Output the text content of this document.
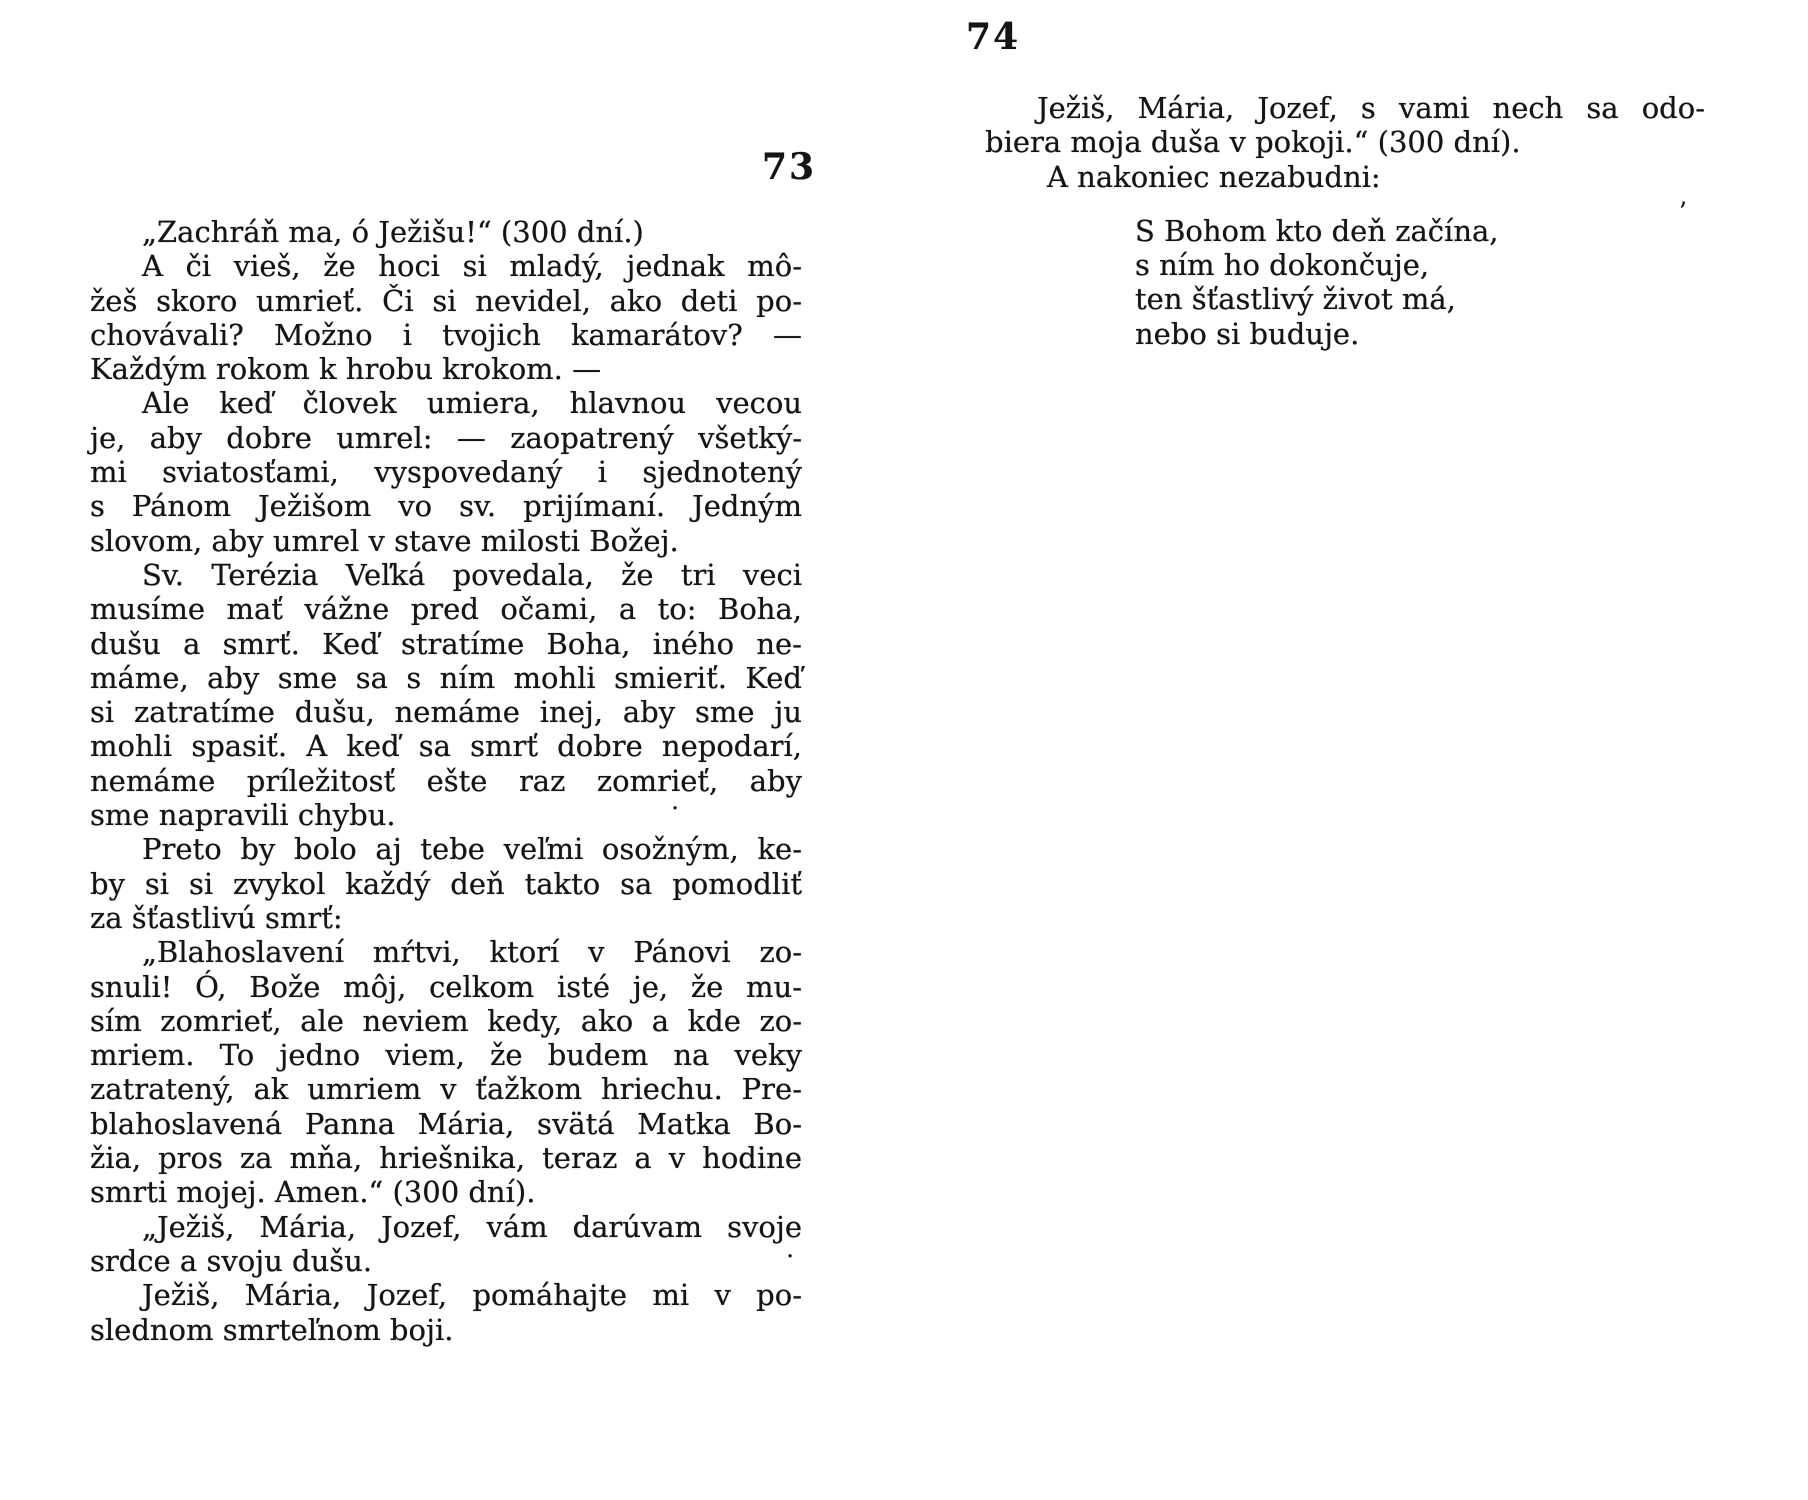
73
„Zachráň ma, ó Ježišu!“ (300 dní.)
A či vieš, že hoci si mladý, jednak mô-
žeš skoro umrieť. Či si nevidel, ako deti po-
chovávali? Možno i tvojich kamarátov? —
Každým rokom k hrobu krokom. —
Ale keď človek umiera, hlavnou vecou
je, aby dobre umrel: — zaopatrený všetký-
mi sviatosťami, vyspovedaný i sjednotený
s Pánom Ježišom vo sv. prijímaní. Jedným
slovom, aby umrel v stave milosti Božej.
Sv. Terézia Veľká povedala, že tri veci
musíme mať vážne pred očami, a to: Boha,
dušu a smrť. Keď stratíme Boha, iného ne-
máme, aby sme sa s ním mohli smieriť. Keď
si zatratíme dušu, nemáme inej, aby sme ju
mohli spasiť. A keď sa smrť dobre nepodarí,
nemáme príležitosť ešte raz zomrieť, aby
sme napravili chybu.
Preto by bolo aj tebe veľmi osožným, ke-
by si si zvykol každý deň takto sa pomodliť
za šťastlivú smrť:
„Blahoslavení mŕtvi, ktorí v Pánovi zo-
snuli! Ó, Bože môj, celkom isté je, že mu-
sím zomrieť, ale neviem kedy, ako a kde zo-
mriem. To jedno viem, že budem na veky
zatratený, ak umriem v ťažkom hriechu. Pre-
blahoslavená Panna Mária, svätá Matka Bo-
žia, pros za mňa, hriešnika, teraz a v hodine
smrti mojej. Amen.“ (300 dní).
„Ježiš, Mária, Jozef, vám darúvam svoje
srdce a svoju dušu.
Ježiš, Mária, Jozef, pomáhajte mi v po-
slednom smrteľnom boji.
74
Ježiš, Mária, Jozef, s vami nech sa odo-
biera moja duša v pokoji.“ (300 dní).
A nakoniec nezabudni:
S Bohom kto deň začína,
s ním ho dokončuje,
ten šťastlivý život má,
nebo si buduje.
ʼ
·
·
